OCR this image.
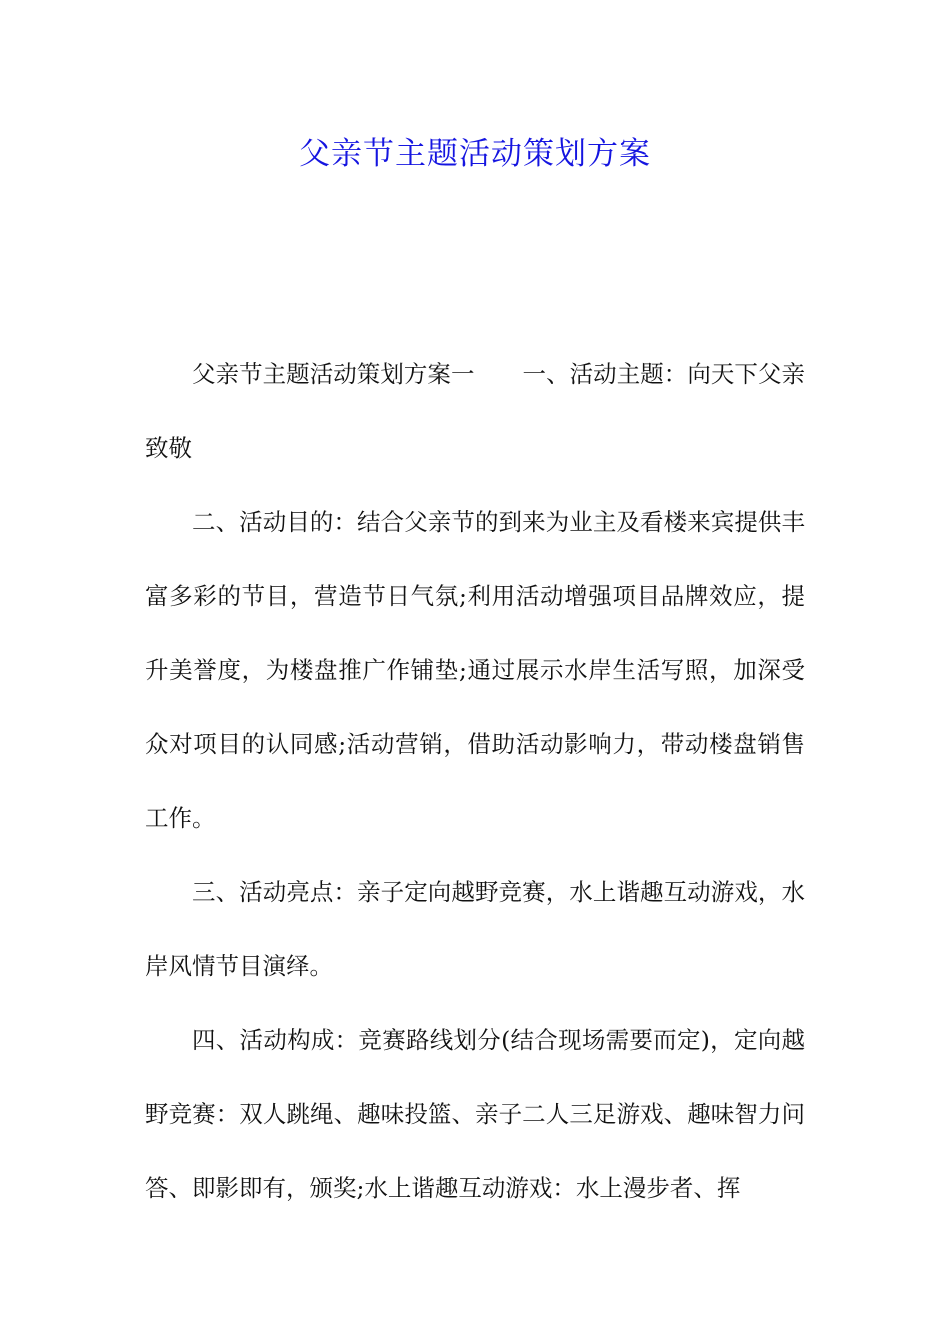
父亲节主题活动策划方案

父亲节主题活动策划方案一 一、活动主题：向天下父亲致敬

二、活动目的：结合父亲节的到来为业主及看楼来宾提供丰富多彩的节目，营造节日气氛;利用活动增强项目品牌效应，提升美誉度，为楼盘推广作铺垫;通过展示水岸生活写照，加深受众对项目的认同感;活动营销，借助活动影响力，带动楼盘销售工作。

三、活动亮点：亲子定向越野竞赛，水上谐趣互动游戏，水岸风情节目演绎。

四、活动构成：竞赛路线划分(结合现场需要而定)，定向越野竞赛：双人跳绳、趣味投篮、亲子二人三足游戏、趣味智力问答、即影即有，颁奖;水上谐趣互动游戏：水上漫步者、挥
